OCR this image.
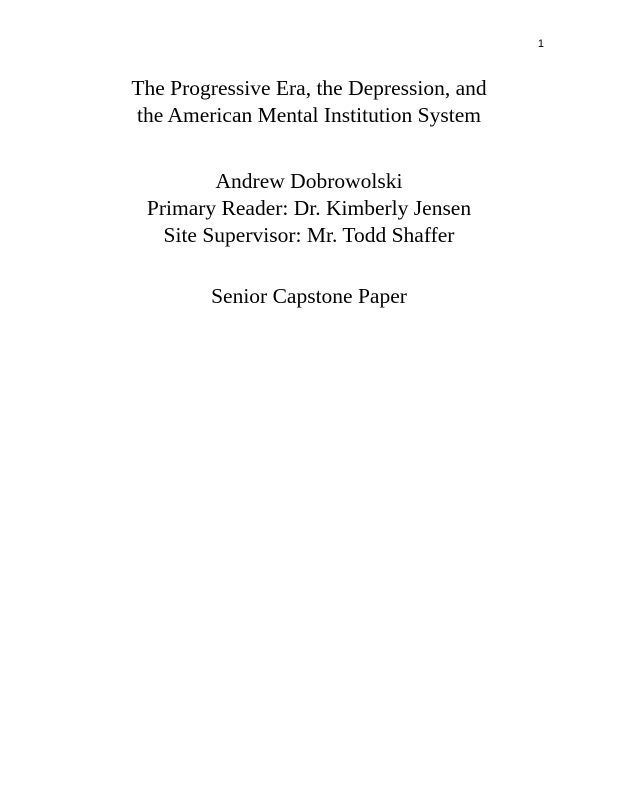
1
The Progressive Era, the Depression, and
the American Mental Institution System
Andrew Dobrowolski
Primary Reader: Dr. Kimberly Jensen
Site Supervisor: Mr. Todd Shaffer
Senior Capstone Paper
